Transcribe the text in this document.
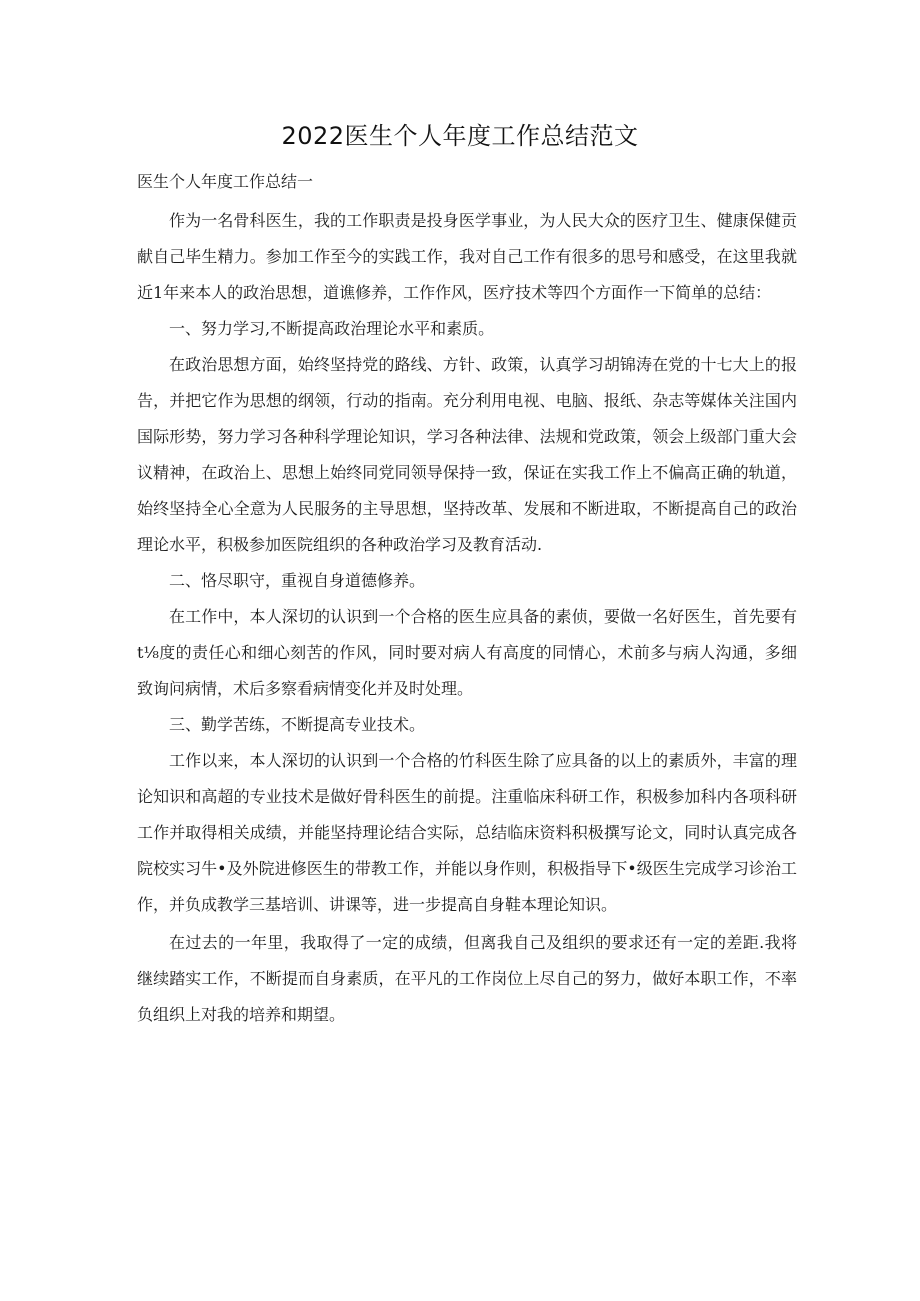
2022医生个人年度工作总结范文
医生个人年度工作总结一

作为一名骨科医生，我的工作职责是投身医学事业，为人民大众的医疗卫生、健康保健贡献自己毕生精力。参加工作至今的实践工作，我对自己工作有很多的思号和感受，在这里我就近1年来本人的政治思想，道谯修养，工作作风，医疗技术等四个方面作一下简单的总结：

一、努力学习,不断提高政治理论水平和素质。

在政治思想方面，始终坚持党的路线、方针、政策，认真学习胡锦涛在党的十七大上的报告，并把它作为思想的纲领，行动的指南。充分利用电视、电脑、报纸、杂志等媒体关注国内国际形势，努力学习各种科学理论知识，学习各种法律、法规和党政策，领会上级部门重大会议精神，在政治上、思想上始终同党同领导保持一致，保证在实我工作上不偏高正确的轨道，始终坚持全心全意为人民服务的主导思想，坚持改革、发展和不断进取，不断提高自己的政治理论水平，积极参加医院组织的各种政治学习及教育活动.

二、恪尽职守，重视自身道德修养。

在工作中，本人深切的认识到一个合格的医生应具备的素侦，要做一名好医生，首先要有t⅛度的责任心和细心刻苦的作风，同时要对病人有高度的同情心，术前多与病人沟通，多细致询问病情，术后多察看病情变化并及时处理。

三、勤学苦练，不断提高专业技术。

工作以来，本人深切的认识到一个合格的竹科医生除了应具备的以上的素质外，丰富的理论知识和高超的专业技术是做好骨科医生的前提。注重临床科研工作，积极参加科内各项科研工作并取得相关成绩，并能坚持理论结合实际，总结临床资料积极撰写论文，同时认真完成各院校实习牛•及外院进修医生的带教工作，并能以身作则，积极指导下•级医生完成学习诊治工作，并负成教学三基培训、讲课等，进一步提高自身鞋本理论知识。

在过去的一年里，我取得了一定的成绩，但离我自己及组织的要求还有一定的差距.我将继续踏实工作，不断提而自身素质，在平凡的工作岗位上尽自己的努力，做好本职工作，不率负组织上对我的培养和期望。
